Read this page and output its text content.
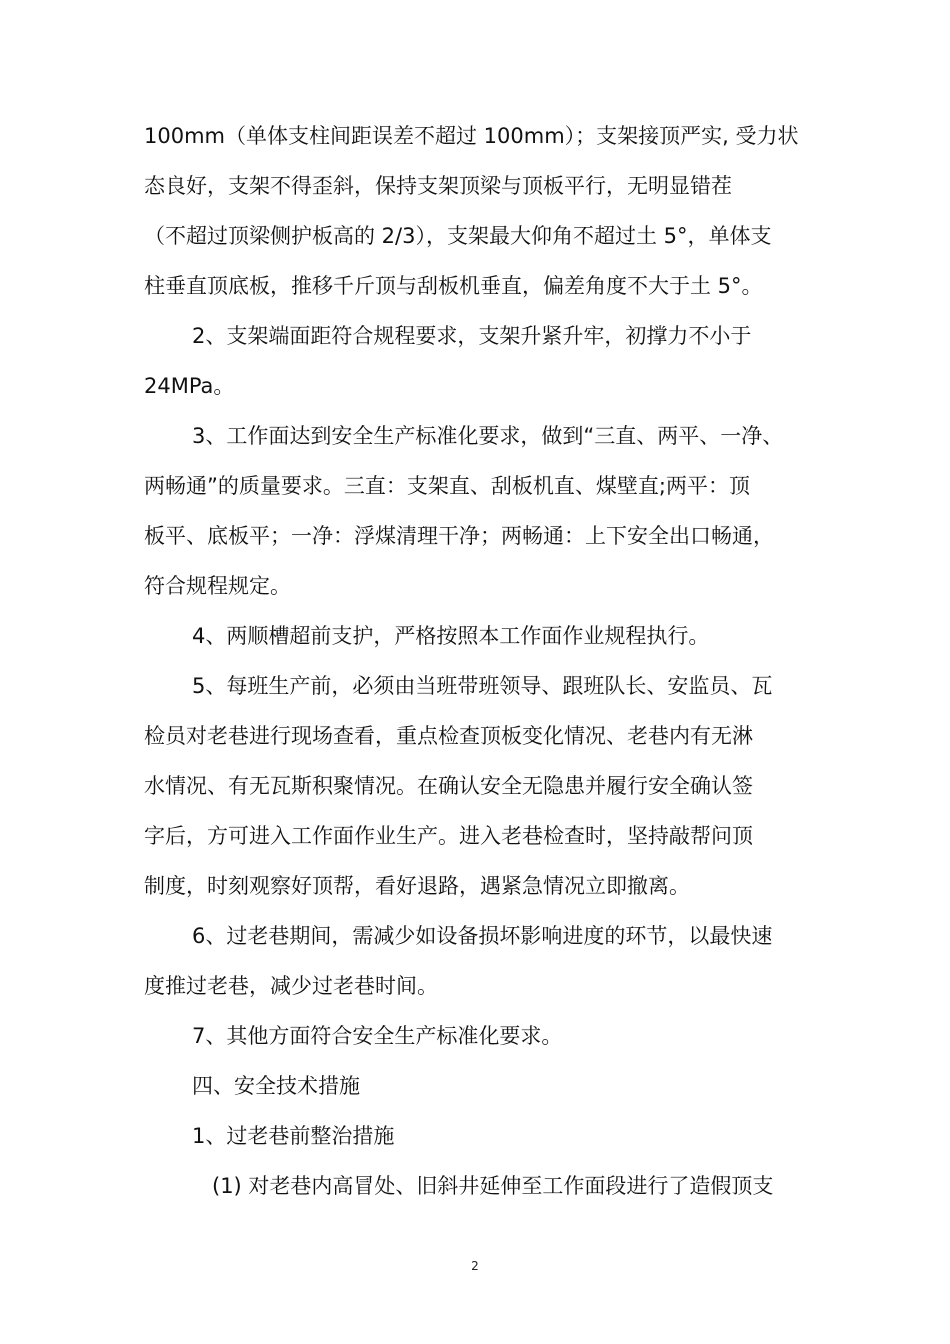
100mm（单体支柱间距误差不超过 100mm）；支架接顶严实, 受力状
态良好，支架不得歪斜，保持支架顶梁与顶板平行，无明显错茬
（不超过顶梁侧护板高的 2/3），支架最大仰角不超过土 5°，单体支
柱垂直顶底板，推移千斤顶与刮板机垂直，偏差角度不大于土 5°。
2、支架端面距符合规程要求，支架升紧升牢，初撑力不小于
24MPa。
3、工作面达到安全生产标准化要求，做到“三直、两平、一净、
两畅通”的质量要求。三直：支架直、刮板机直、煤壁直;两平：顶
板平、底板平；一净：浮煤清理干净；两畅通：上下安全出口畅通，
符合规程规定。
4、两顺槽超前支护，严格按照本工作面作业规程执行。
5、每班生产前，必须由当班带班领导、跟班队长、安监员、瓦
检员对老巷进行现场查看，重点检查顶板变化情况、老巷内有无淋
水情况、有无瓦斯积聚情况。在确认安全无隐患并履行安全确认签
字后，方可进入工作面作业生产。进入老巷检查时，坚持敲帮问顶
制度，时刻观察好顶帮，看好退路，遇紧急情况立即撤离。
6、过老巷期间，需减少如设备损坏影响进度的环节，以最快速
度推过老巷，减少过老巷时间。
7、其他方面符合安全生产标准化要求。
四、安全技术措施
1、过老巷前整治措施
(1) 对老巷内高冒处、旧斜井延伸至工作面段进行了造假顶支
2
